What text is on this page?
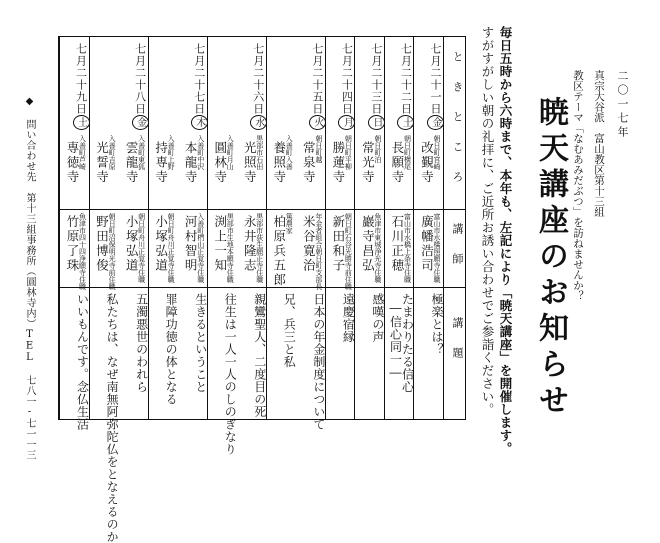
二〇一七年
真宗大谷派　富山教区第十三組
教区テーマ「なむあみだぶつ」を訪ねませんか？
暁天講座のお知らせ
毎日五時から六時まで、本年も、左記により「暁天講座」を開催します。
すがすがしい朝の礼拝に、ご近所お誘い合わせでご参詣ください。
と　き　と　こ　ろ
講　師
講　題
七月二十一日金
朝日町宮崎
改覲寺
富山市水橋照願寺住職
廣幡浩司
極楽とは？
七月二十二日土
朝日町横尾
長願寺
富山市水橋上条寺住職
石川正穂
たまわりたる信心
―信心同一―
七月二十三日日
朝日町泊
常光寺
魚津市東城浄光寺住職
巖寺昌弘
感嘆の声
七月二十四日月
朝日町平柳
勝蓮寺
朝日町石谷光勝寺前住職
新田和子
遠慶宿縁
七月二十五日火
朝日町越
常泉寺
年金者組合朝日町支部長
米谷寛治
日本の年金制度について
入善町入善
養照寺
篤農家
柏原兵五郎
兄、兵三と私
七月二十六日水
黒部市石田
光照寺
黒部市荻生願正寺住職
永井隆志
親鸞聖人、二度目の死
入善町月山
圓林寺
黒部市生地本願寺住職
渕上一知
往生は一人一人のしのぎなり
七月二十七日木
入善町中沢
本龍寺
入善町椚山正覚寺住職
河村智明
生きるということ
入善町上野
持専寺
朝日町舟川正覚寺住職
小塚弘道
罪障功徳の体となる
七月二十八日金
入善町東狐
雲龍寺
朝日町舟川正覚寺住職
小塚弘道
五濁悪世のわれら
入善町吉原
光誓寺
朝日町沼保明光寺前住職
野田博俊
私たちは、なぜ南無阿弥陀仏をとなえるのか
七月二十九日土
入善町芦崎
専徳寺
魚津市四十四浄願寺住職
竹原了珠
いいもんです。念仏生活
◆ 問い合わせ先　第十三組事務所（圓林寺内）TEL 七八一-七一一三
